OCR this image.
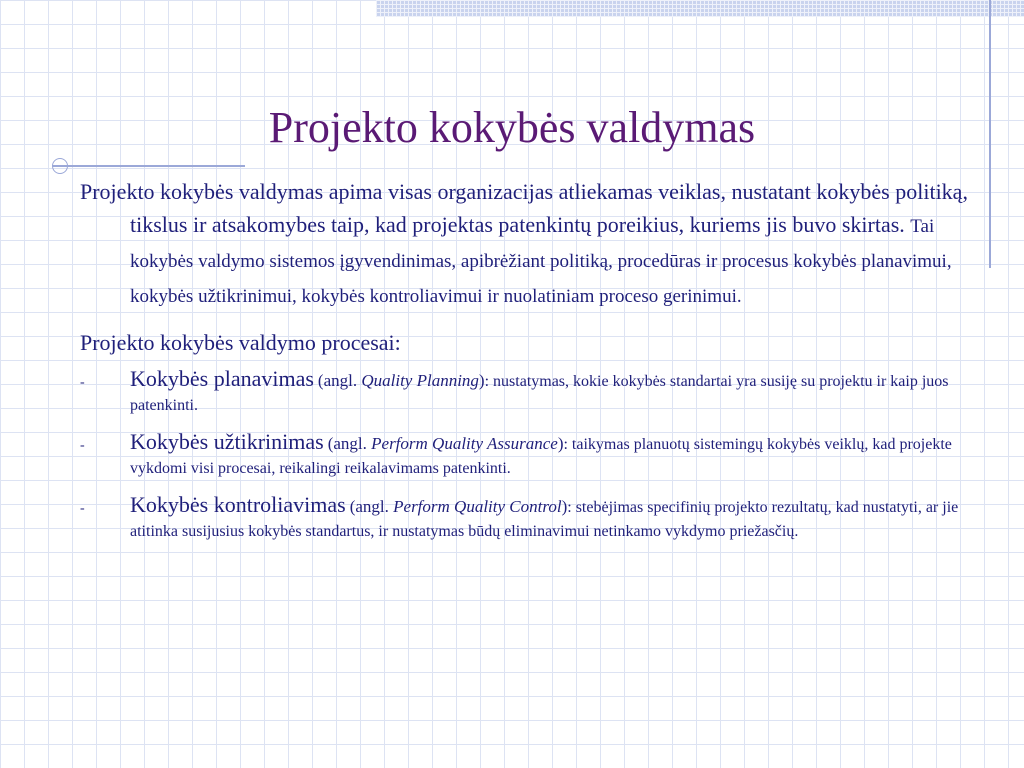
Projekto kokybės valdymas

Projekto kokybės valdymas apima visas organizacijas atliekamas veiklas, nustatant kokybės politiką, tikslus ir atsakomybes taip, kad projektas patenkintų poreikius, kuriems jis buvo skirtas. Tai kokybės valdymo sistemos įgyvendinimas, apibrėžiant politiką, procedūras ir procesus kokybės planavimui, kokybės užtikrinimui, kokybės kontroliavimui ir nuolatiniam proceso gerinimui.

Projekto kokybės valdymo procesai:

- Kokybės planavimas (angl. Quality Planning): nustatymas, kokie kokybės standartai yra susiję su projektu ir kaip juos patenkinti.
- Kokybės užtikrinimas (angl. Perform Quality Assurance): taikymas planuotų sistemingų kokybės veiklų, kad projekte vykdomi visi procesai, reikalingi reikalavimams patenkinti.
- Kokybės kontroliavimas (angl. Perform Quality Control): stebėjimas specifinių projekto rezultatų, kad nustatyti, ar jie atitinka susijusius kokybės standartus, ir nustatymas būdų eliminavimui netinkamo vykdymo priežasčių.
